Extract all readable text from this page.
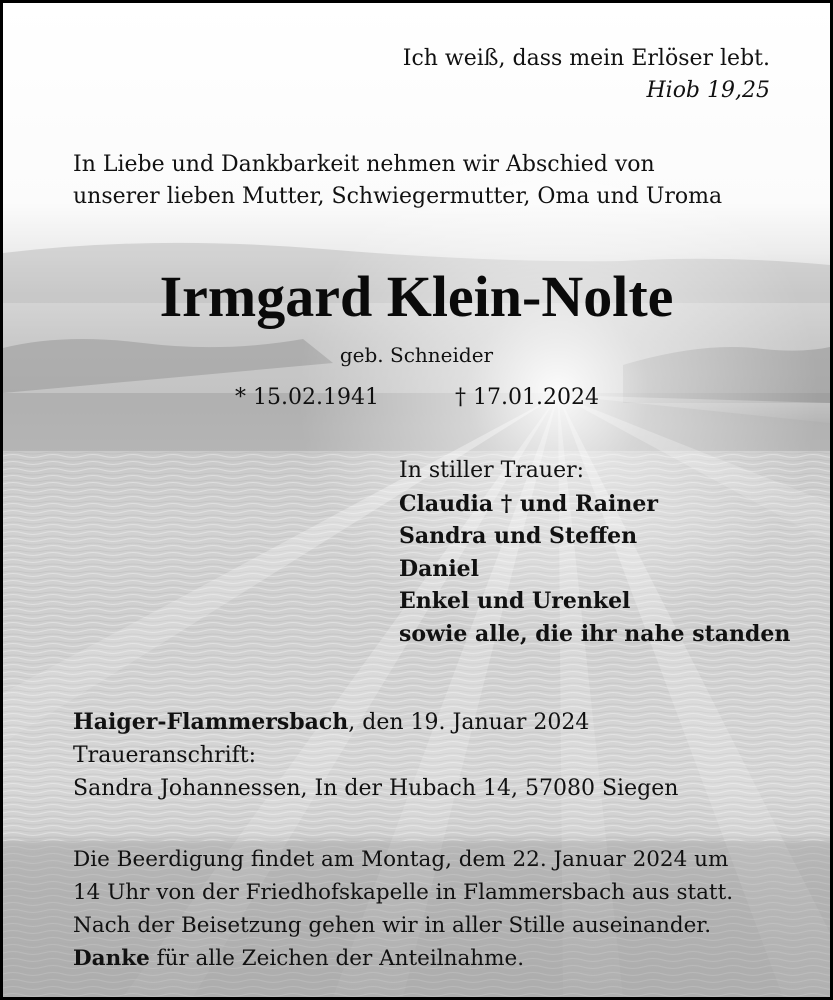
Ich weiß, dass mein Erlöser lebt.
Hiob 19,25
In Liebe und Dankbarkeit nehmen wir Abschied von
unserer lieben Mutter, Schwiegermutter, Oma und Uroma
Irmgard Klein-Nolte
geb. Schneider
* 15.02.1941	† 17.01.2024
In stiller Trauer:
Claudia † und Rainer
Sandra und Steffen
Daniel
Enkel und Urenkel
sowie alle, die ihr nahe standen
Haiger-Flammersbach, den 19. Januar 2024
Traueranschrift:
Sandra Johannessen, In der Hubach 14, 57080 Siegen
Die Beerdigung findet am Montag, dem 22. Januar 2024 um
14 Uhr von der Friedhofskapelle in Flammersbach aus statt.
Nach der Beisetzung gehen wir in aller Stille auseinander.
Danke für alle Zeichen der Anteilnahme.
